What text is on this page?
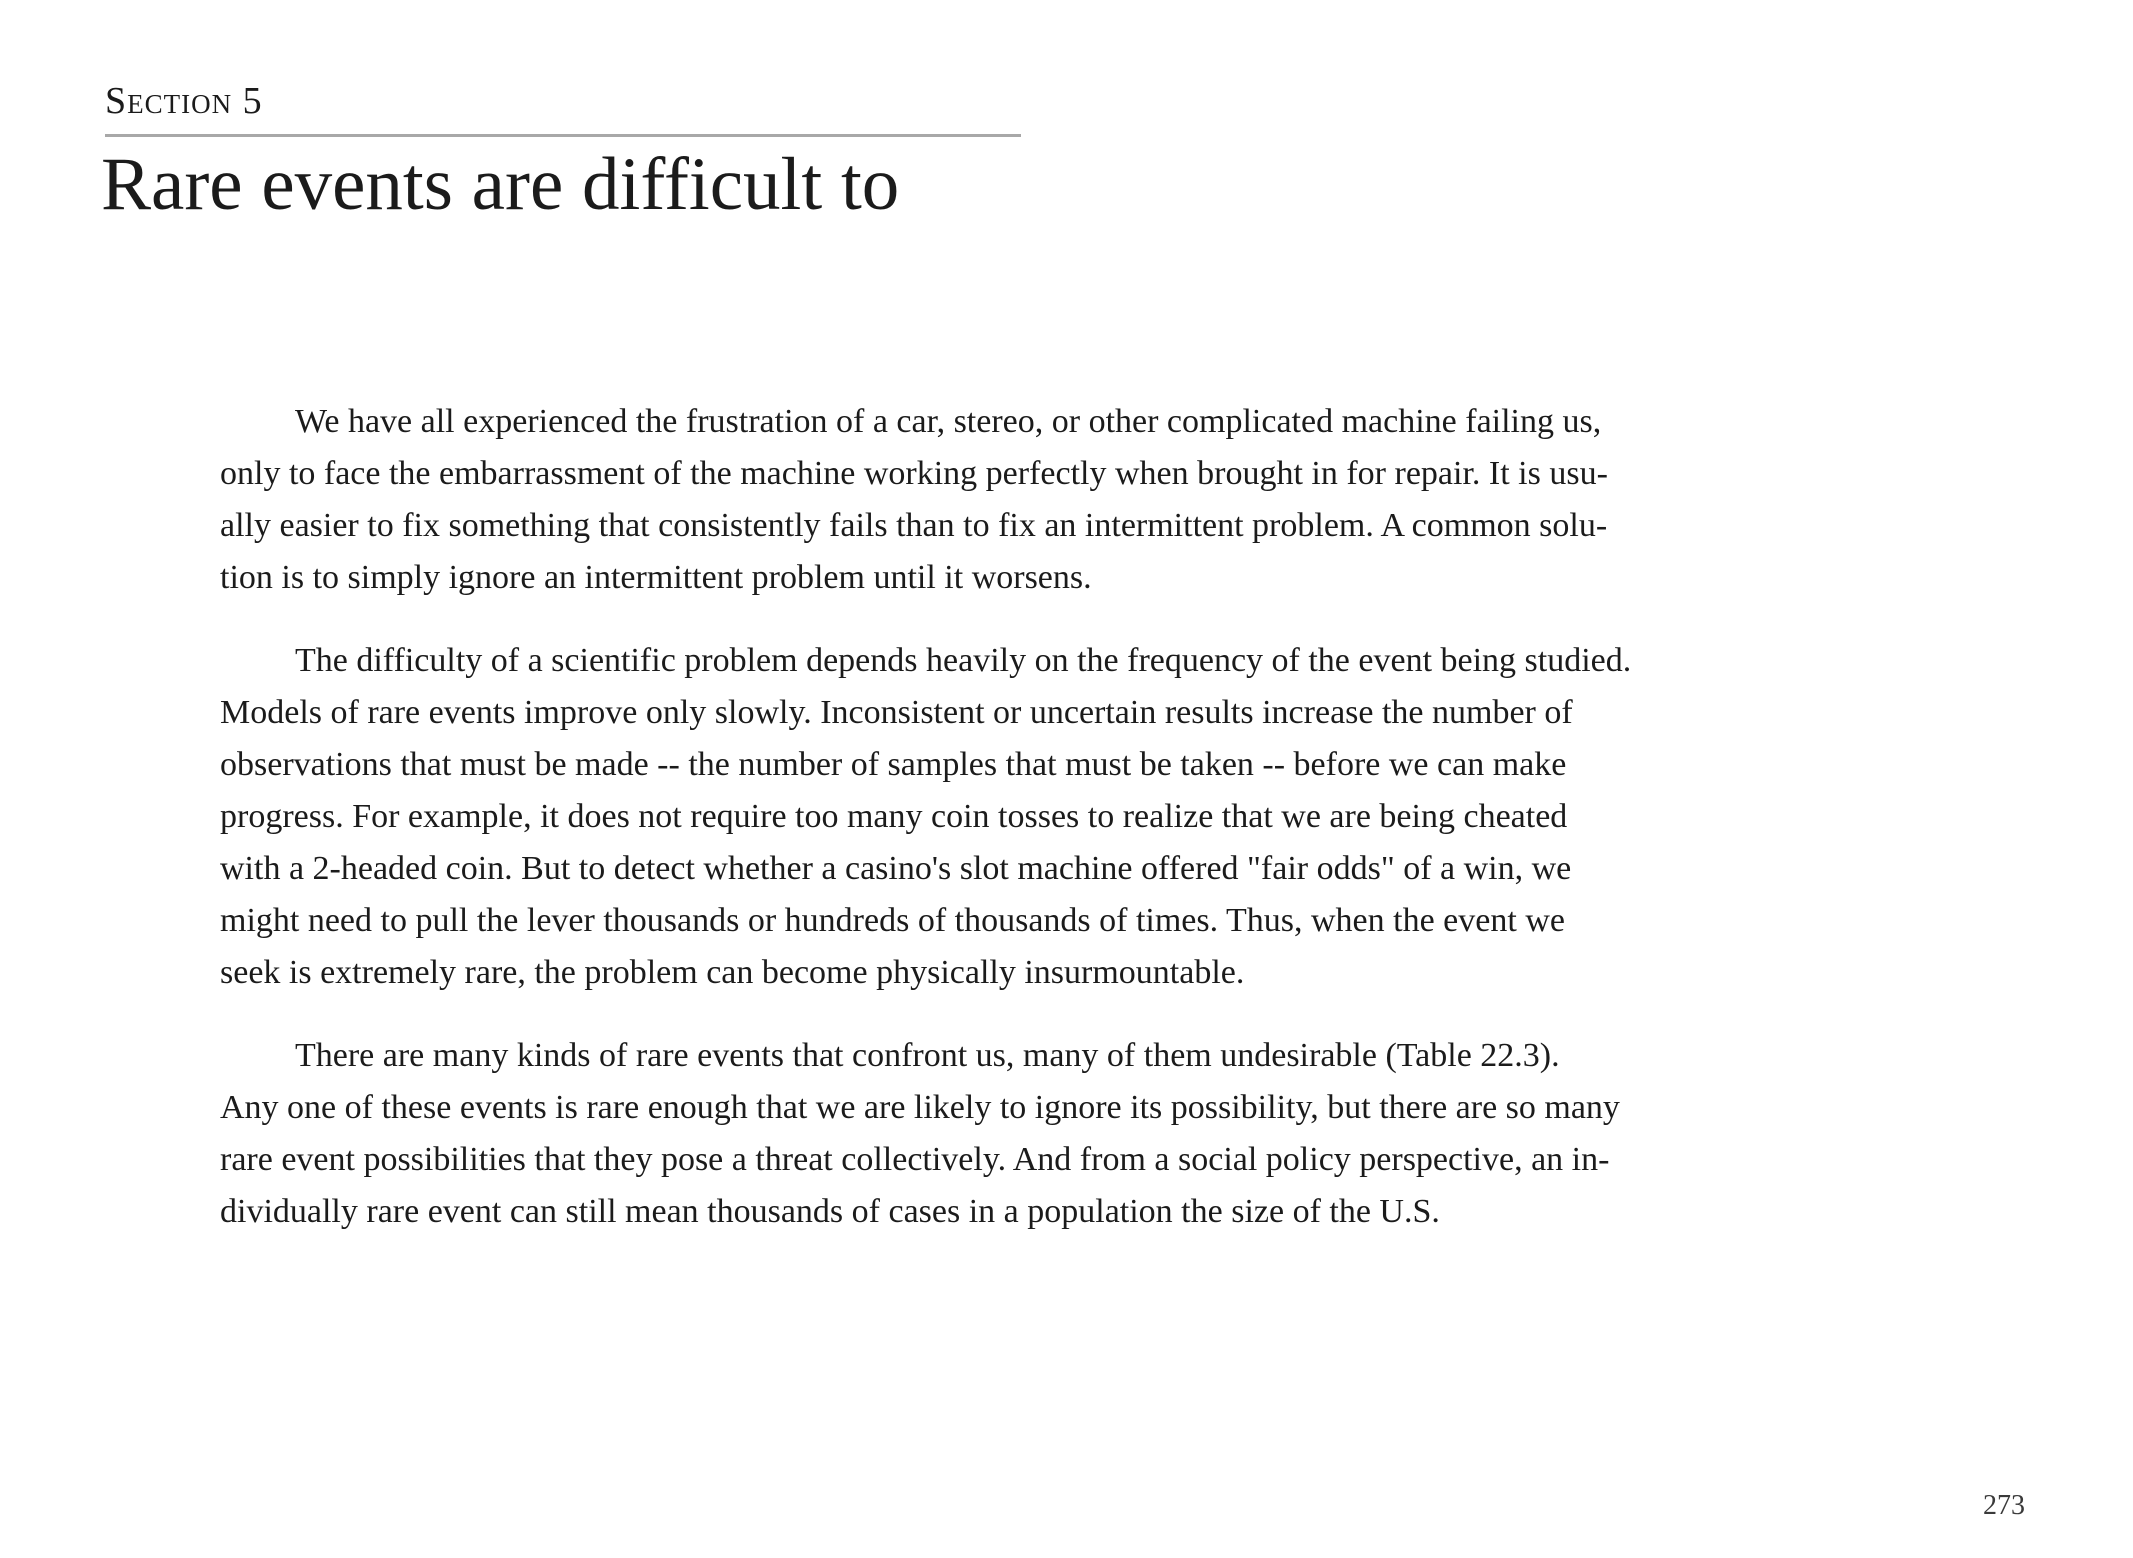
Section 5
Rare events are difficult to

We have all experienced the frustration of a car, stereo, or other complicated machine failing us,
only to face the embarrassment of the machine working perfectly when brought in for repair. It is usu-
ally easier to fix something that consistently fails than to fix an intermittent problem. A common solu-
tion is to simply ignore an intermittent problem until it worsens.

The difficulty of a scientific problem depends heavily on the frequency of the event being studied.
Models of rare events improve only slowly. Inconsistent or uncertain results increase the number of
observations that must be made -- the number of samples that must be taken -- before we can make
progress. For example, it does not require too many coin tosses to realize that we are being cheated
with a 2-headed coin. But to detect whether a casino's slot machine offered "fair odds" of a win, we
might need to pull the lever thousands or hundreds of thousands of times. Thus, when the event we
seek is extremely rare, the problem can become physically insurmountable.

There are many kinds of rare events that confront us, many of them undesirable (Table 22.3).
Any one of these events is rare enough that we are likely to ignore its possibility, but there are so many
rare event possibilities that they pose a threat collectively. And from a social policy perspective, an in-
dividually rare event can still mean thousands of cases in a population the size of the U.S.

273
